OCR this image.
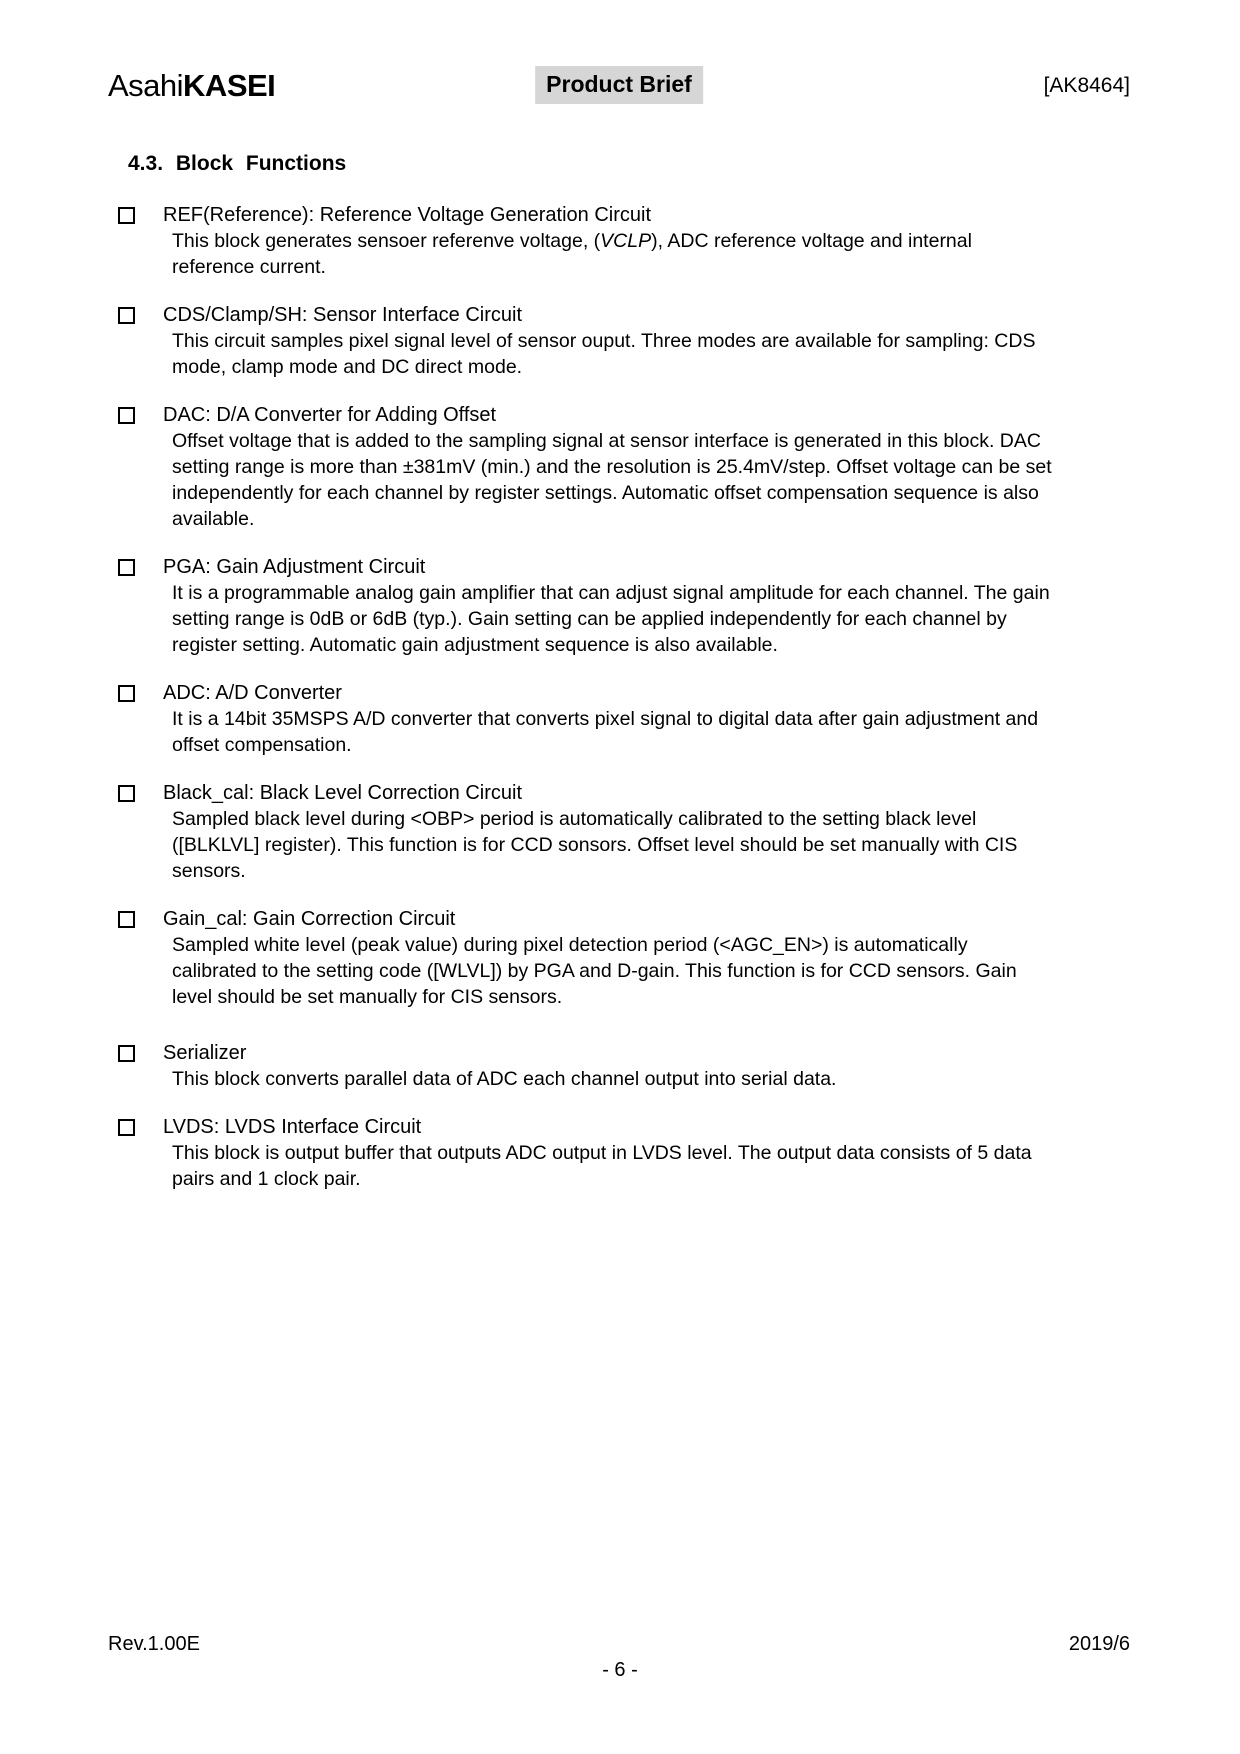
AsahiKASEI	Product Brief	[AK8464]
4.3. Block Functions
REF(Reference): Reference Voltage Generation Circuit

This block generates sensoer referenve voltage, (VCLP), ADC reference voltage and internal reference current.

CDS/Clamp/SH: Sensor Interface Circuit

This circuit samples pixel signal level of sensor ouput. Three modes are available for sampling: CDS mode, clamp mode and DC direct mode.

DAC: D/A Converter for Adding Offset

Offset voltage that is added to the sampling signal at sensor interface is generated in this block. DAC setting range is more than ±381mV (min.) and the resolution is 25.4mV/step. Offset voltage can be set independently for each channel by register settings. Automatic offset compensation sequence is also available.

PGA: Gain Adjustment Circuit

It is a programmable analog gain amplifier that can adjust signal amplitude for each channel. The gain setting range is 0dB or 6dB (typ.). Gain setting can be applied independently for each channel by register setting. Automatic gain adjustment sequence is also available.

ADC: A/D Converter

It is a 14bit 35MSPS A/D converter that converts pixel signal to digital data after gain adjustment and offset compensation.

Black_cal: Black Level Correction Circuit

Sampled black level during <OBP> period is automatically calibrated to the setting black level ([BLKLVL] register). This function is for CCD sonsors. Offset level should be set manually with CIS sensors.

Gain_cal: Gain Correction Circuit

Sampled white level (peak value) during pixel detection period (<AGC_EN>) is automatically calibrated to the setting code ([WLVL]) by PGA and D-gain. This function is for CCD sensors. Gain level should be set manually for CIS sensors.

Serializer

This block converts parallel data of ADC each channel output into serial data.

LVDS: LVDS Interface Circuit

This block is output buffer that outputs ADC output in LVDS level. The output data consists of 5 data pairs and 1 clock pair.

Rev.1.00E	2019/6
- 6 -
